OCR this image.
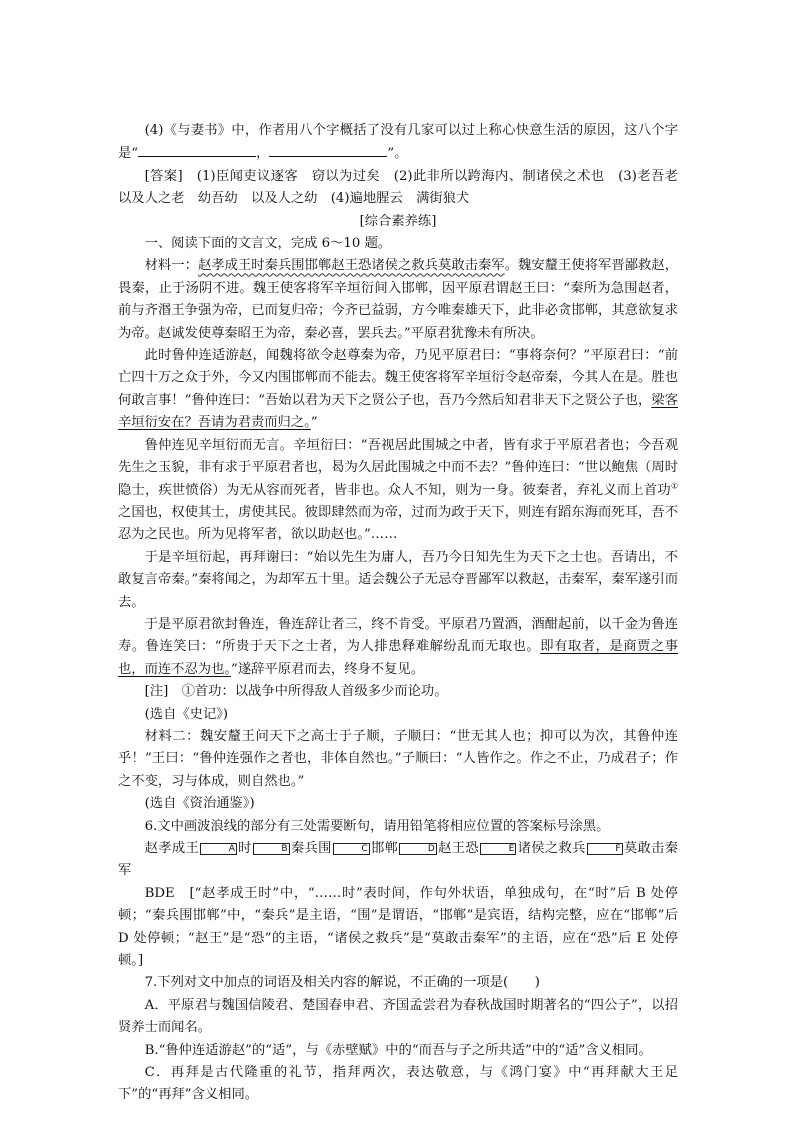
(4)《与妻书》中，作者用八个字概括了没有几家可以过上称心快意生活的原因，这八个字是“	，	”。

[答案]　(1)臣闻吏议逐客　窃以为过矣　(2)此非所以跨海内、制诸侯之术也　(3)老吾老　以及人之老　幼吾幼　以及人之幼　(4)遍地腥云　满街狼犬

[综合素养练]

一、阅读下面的文言文，完成 6～10 题。

材料一：赵孝成王时秦兵围邯郸赵王恐诸侯之救兵莫敢击秦军。魏安釐王使将军晋鄙救赵，畏秦，止于汤阴不进。魏王使客将军辛垣衍间入邯郸，因平原君谓赵王曰：“秦所为急围赵者，前与齐湣王争强为帝，已而复归帝；今齐已益弱，方今唯秦雄天下，此非必贪邯郸，其意欲复求为帝。赵诚发使尊秦昭王为帝，秦必喜，罢兵去。”平原君犹豫未有所决。

此时鲁仲连适游赵，闻魏将欲令赵尊秦为帝，乃见平原君曰：“事将奈何？”平原君曰：“前亡四十万之众于外，今又内围邯郸而不能去。魏王使客将军辛垣衍令赵帝秦，今其人在是。胜也何敢言事！”鲁仲连曰：“吾始以君为天下之贤公子也，吾乃今然后知君非天下之贤公子也，梁客辛垣衍安在？吾请为君责而归之。”

鲁仲连见辛垣衍而无言。辛垣衍曰：“吾视居此围城之中者，皆有求于平原君者也；今吾观先生之玉貌，非有求于平原君者也，曷为久居此围城之中而不去？”鲁仲连曰：“世以鲍焦（周时隐士，疾世愤俗）为无从容而死者，皆非也。众人不知，则为一身。彼秦者，弃礼义而上首功①之国也，权使其士，虏使其民。彼即肆然而为帝，过而为政于天下，则连有蹈东海而死耳，吾不忍为之民也。所为见将军者，欲以助赵也。”……

于是辛垣衍起，再拜谢曰：“始以先生为庸人，吾乃今日知先生为天下之士也。吾请出，不敢复言帝秦。”秦将闻之，为却军五十里。适会魏公子无忌夺晋鄙军以救赵，击秦军，秦军遂引而去。

于是平原君欲封鲁连，鲁连辞让者三，终不肯受。平原君乃置酒，酒酣起前，以千金为鲁连寿。鲁连笑曰：“所贵于天下之士者，为人排患释难解纷乱而无取也。即有取者，是商贾之事也，而连不忍为也。”遂辞平原君而去，终身不复见。

[注]　①首功：以战争中所得敌人首级多少而论功。

(选自《史记》)

材料二：魏安釐王问天下之高士于子顺，子顺曰：“世无其人也；抑可以为次，其鲁仲连乎！”王曰：“鲁仲连强作之者也，非体自然也。”子顺曰：“人皆作之。作之不止，乃成君子；作之不变，习与体成，则自然也。”

(选自《资治通鉴》)

6.文中画波浪线的部分有三处需要断句，请用铅笔将相应位置的答案标号涂黑。

赵孝成王	A 时	B 秦兵围	C 邯郸	D 赵王恐	E 诸侯之救兵	F 莫敢击秦军

BDE　[“赵孝成王时”中，“……时”表时间，作句外状语，单独成句，在“时”后 B 处停顿；“秦兵围邯郸”中，“秦兵”是主语，“围”是谓语，“邯郸”是宾语，结构完整，应在“邯郸”后 D 处停顿；“赵王”是“恐”的主语，“诸侯之救兵”是“莫敢击秦军”的主语，应在“恐”后 E 处停顿。]

7.下列对文中加点的词语及相关内容的解说，不正确的一项是(　　)

A．平原君与魏国信陵君、楚国春申君、齐国孟尝君为春秋战国时期著名的“四公子”，以招贤养士而闻名。

B.“鲁仲连适游赵”的“适”，与《赤壁赋》中的“而吾与子之所共适”中的“适”含义相同。

C．再拜是古代隆重的礼节，指拜两次，表达敬意，与《鸿门宴》中“再拜献大王足下”的“再拜”含义相同。
